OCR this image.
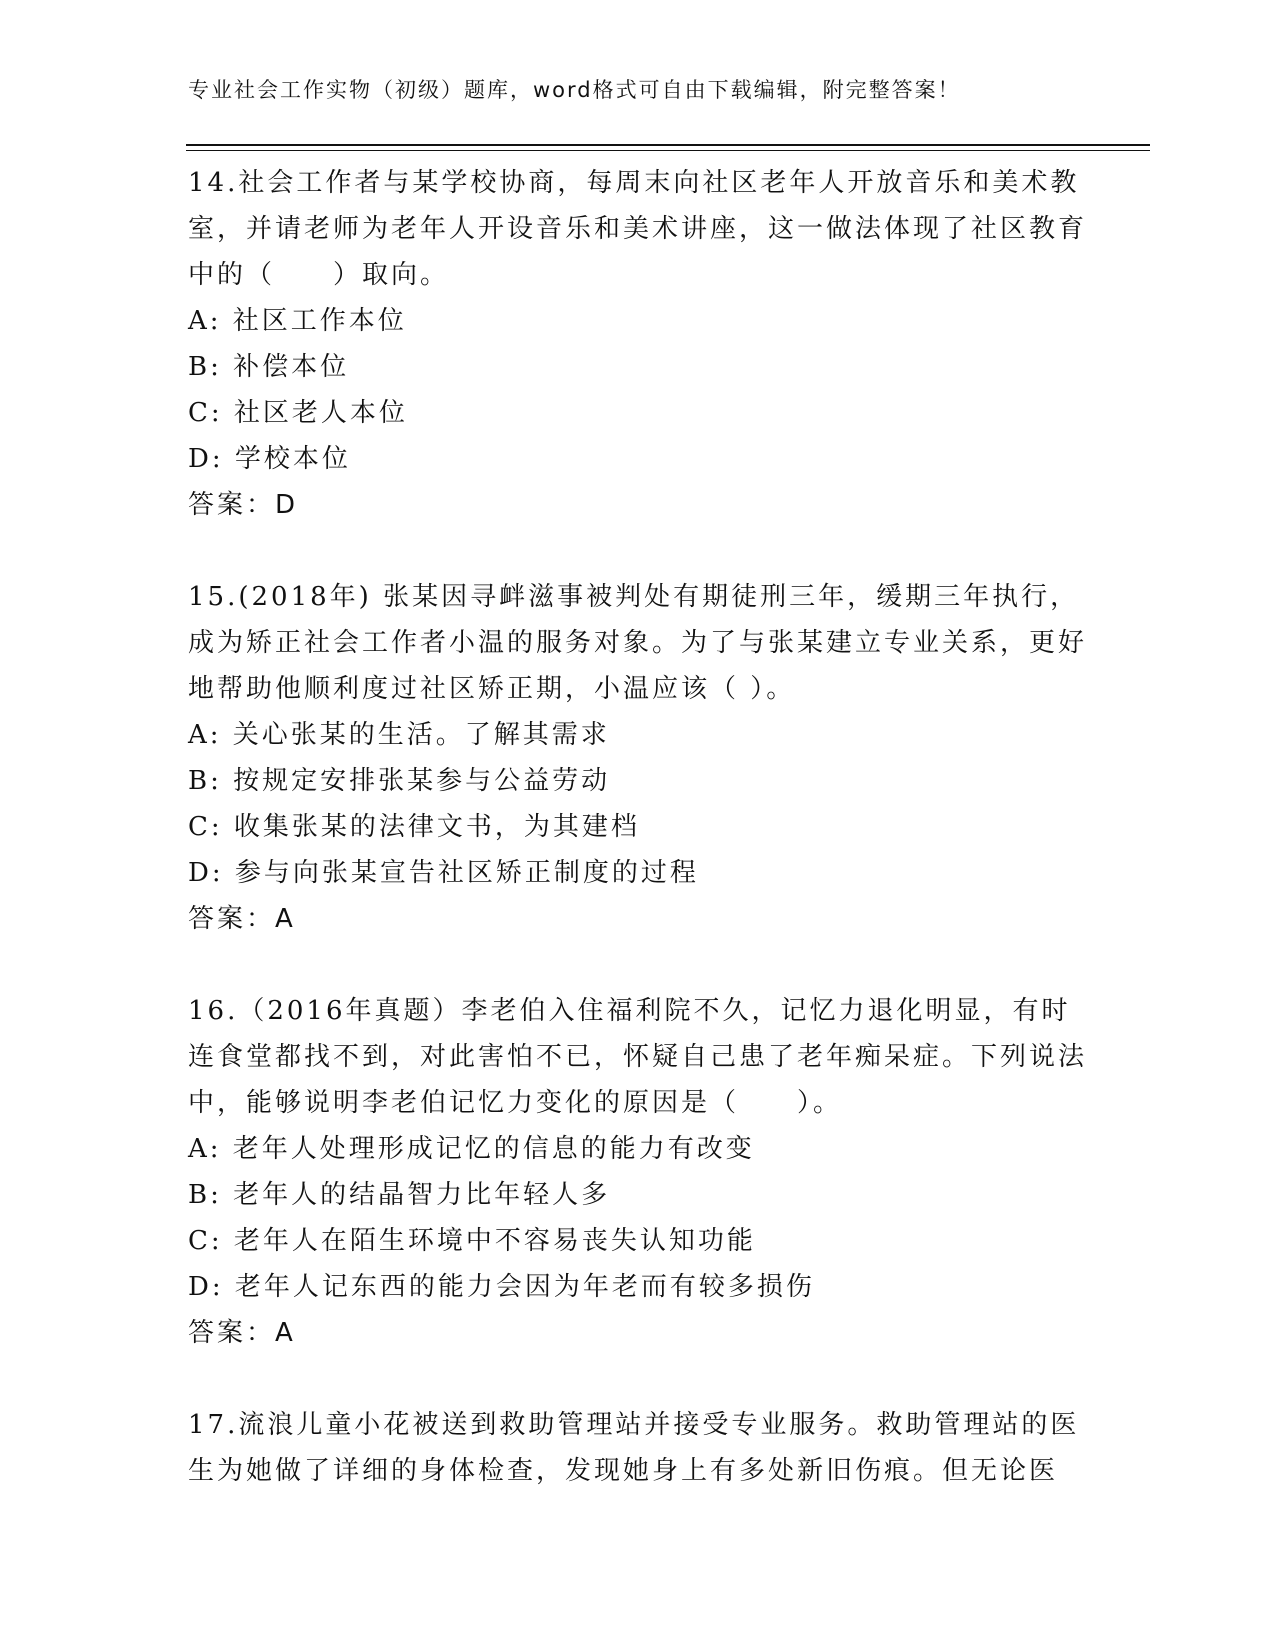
专业社会工作实物（初级）题库，word格式可自由下载编辑，附完整答案！

14.社会工作者与某学校协商，每周末向社区老年人开放音乐和美术教室，并请老师为老年人开设音乐和美术讲座，这一做法体现了社区教育中的（　　）取向。

A: 社区工作本位

B: 补偿本位

C: 社区老人本位

D: 学校本位

答案：D

15.(2018年) 张某因寻衅滋事被判处有期徒刑三年，缓期三年执行，成为矫正社会工作者小温的服务对象。为了与张某建立专业关系，更好地帮助他顺利度过社区矫正期，小温应该（ ）。

A: 关心张某的生活。了解其需求

B: 按规定安排张某参与公益劳动

C: 收集张某的法律文书，为其建档

D: 参与向张某宣告社区矫正制度的过程

答案：A

16.（2016年真题）李老伯入住福利院不久，记忆力退化明显，有时连食堂都找不到，对此害怕不已，怀疑自己患了老年痴呆症。下列说法中，能够说明李老伯记忆力变化的原因是（　　）。

A: 老年人处理形成记忆的信息的能力有改变

B: 老年人的结晶智力比年轻人多

C: 老年人在陌生环境中不容易丧失认知功能

D: 老年人记东西的能力会因为年老而有较多损伤

答案：A

17.流浪儿童小花被送到救助管理站并接受专业服务。救助管理站的医生为她做了详细的身体检查，发现她身上有多处新旧伤痕。但无论医
